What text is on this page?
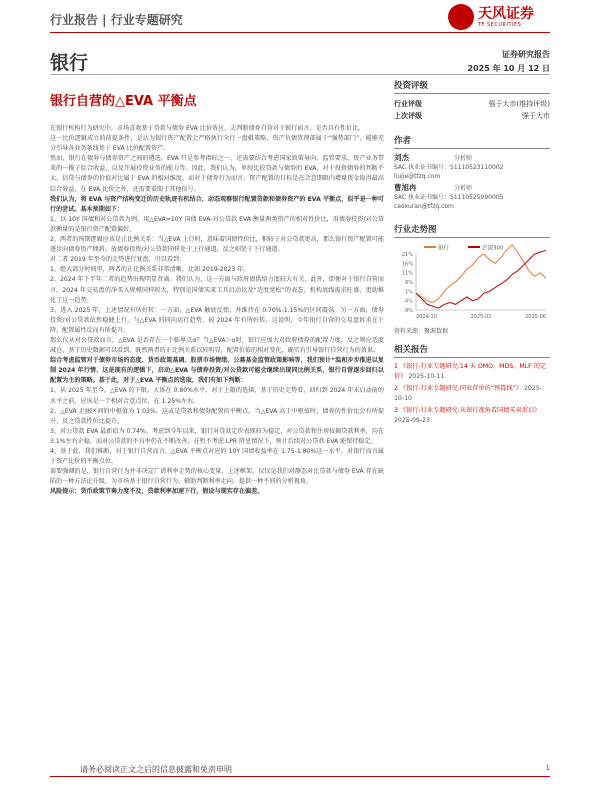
行业报告 | 行业专题研究	天风证券
TF SECURITIES
银行	证券研究报告
2025 年 10 月 12 日
银行自营的△EVA 平衡点

在银行机构行为研究中，市场喜欢基于贷款与债券 EVA 比价效应，去判断债券自营对于银行而言，是否具有性价比。

这一比价逻辑成立的前提条件，是认为银行资产配置会严格执行全行一盘棋策略，资产负债管理部属于“强势部门”，能够充分引导各业务条线基于 EVA 比价配置资产。

然而，银行在债券与债券资产之间的遴选，EVA 只是参考指标之一，还需要结合考虑国家政策导向、监管要求、资产业务带来的一揽子综合收益，以及开展投资业务的能力等。因此，我们认为，单纯比较贷款与债券的 EVA，对于投资债券的判断不太，信贷与债券的价值对比属于 EVA 的相对维度，而对于债券行为而言，资产配置的目标是在合意期限内增量资金取得最高综合效益，在 EVA 比价之外，还需要着眼于其他信号。

我们认为，将 EVA 与资产结构变迁的历史轨迹有机结合，动态观察银行配置贷款和债券资产的 EVA 平衡点，似乎是一种可行的尝试。基本预期如下：

1、以 10Y 国债和对公贷款为例，用△EVA=10Y 国债 EVA-对公贷款 EVA 衡量两类资产的相对性价比，用债券投资/对公贷款衡量的是银行资产配置偏好。

2、两者的预期逻辑应该是正比例关系：当△EVA 上行时，意味着国债性价比，相较于对公贷款更高，那么银行资产配置可能逐步向债券资产倾斜，放债券投资/对公贷款同样处于上行通道，反之则处于下行通道。

对二者 2019 年至今的走势进行复盘，可以看到：

1、绝大部分时间里，两者的正比例关系非常清晰，比如 2019-2023 年。

2、2024 年下半年二者的趋势出现明显背离。我们认为，这一方面与政府债供给力度较大有关，此外，即便对于银行自营而言，2024 年交易盘的净买入规模同样较大，特别是国债买来工具启动以及“适度宽松”的表态、机构底线需求旺盛，更助推化了这一趋势。

3、进入 2025 年，上述情况有所好转：一方面，△EVA 触底反弹，并维持在 0.70%-1.15%的区间震荡。另一方面，债券投资/对公贷款依然稳健上行，与△EVA 的同向运行趋势，较 2024 年有所好转，这说明，今年银行自营的交易盘诉求在下降，配置属性反而有所提升。

那么仅从对公贷款而言，△EVA 是否存在一个临界点α？当△EVA＞α时，银行应加大对政府债券的配置力度，反之则应适度减仓，基于历史数据可以看到，既然两者的正比例关系以较明显，配置价值的相对变化，确实有引导银行自营行为的效果。

综合考虑监管对于债券市场的态度、货币政策基调、股票市场情绪、公募基金监管政策影响等，我们预计“温和步步推进以复制 2024 年行情，这是现有的逻辑下，启动△EVA 与债券投资/对公贷款可能会继续出现同比例关系，银行自营逐步回归以配置为主的策略。基于此，对于△EVA 平衡点的选取，我们有如下判断：

1、从 2025 年至今，△EVA 的下限，大体在 0.80%水平，对于上限的选择，基于历史走势看，回归到 2024 年末启动前的水平之前，应该是一个相对合意点位，在 1.25%左右。

2、△EVA 走廊区间的中枢值为 1.03%。这或是贷款和债券配置的平衡点。当△EVA 高于中枢值时，债券的性价比会有所提升，反之贷款性价比提升。

3、对公贷款 EVA 最新值为 0.74%。考虑到今年以来，银行对贷款定价表现较为稳定，对公贷款和住房按揭贷款利率，均在 3.1%左右企稳，而对公贷款的不良率仍在不断改善，在暂不考虑 LPR 降息情况下，预计后续对公贷款 EVA 能保持稳定。

4、基于此，我们推断，对于银行自营而言，△EVA 平衡点对应的 10Y 国债收益率在 1.75-1.80%这一水平，对银行而言属于资产比价的平衡点位。

需要强调的是，银行自营行为并非决定广谱利率走势的核心变量，上述框架，仅仅是我们对静态对比贷款与债券 EVA 存在缺陷的一种方法论升级，为市场基于银行自营行为，辅助判断利率走向，提供一种不同的分析视角。

风险提示：货币政策节奏力度不及，贷款利率加速下行，假设与现实存在偏差。

投资评级
行业评级	强于大市(维持评级)
上次评级	强于大市
作者
刘杰	分析师
SAC 执业证书编号：S1110523110002
liujie@tfzq.com
曹旭冉	分析师
SAC 执业证书编号：S1110525090005
caoxuran@tfzq.com
行业走势图
银行	沪深300
21%
16%
11%
6%
1%
-4%
-9%
2024-10	2025-02	2025-06
资料来源：聚源数据
相关报告
1 《银行-行业专题研究:14 天 OMO、MDS、MLF 的定价》 2025-10-11
2 《银行-行业专题研究:同业存单的“预算线”》 2025-10-10
3 《银行-行业专题研究:从银行视角看国债买卖重启》 2025-09-23
请务必阅读正文之后的信息披露和免责申明	1
